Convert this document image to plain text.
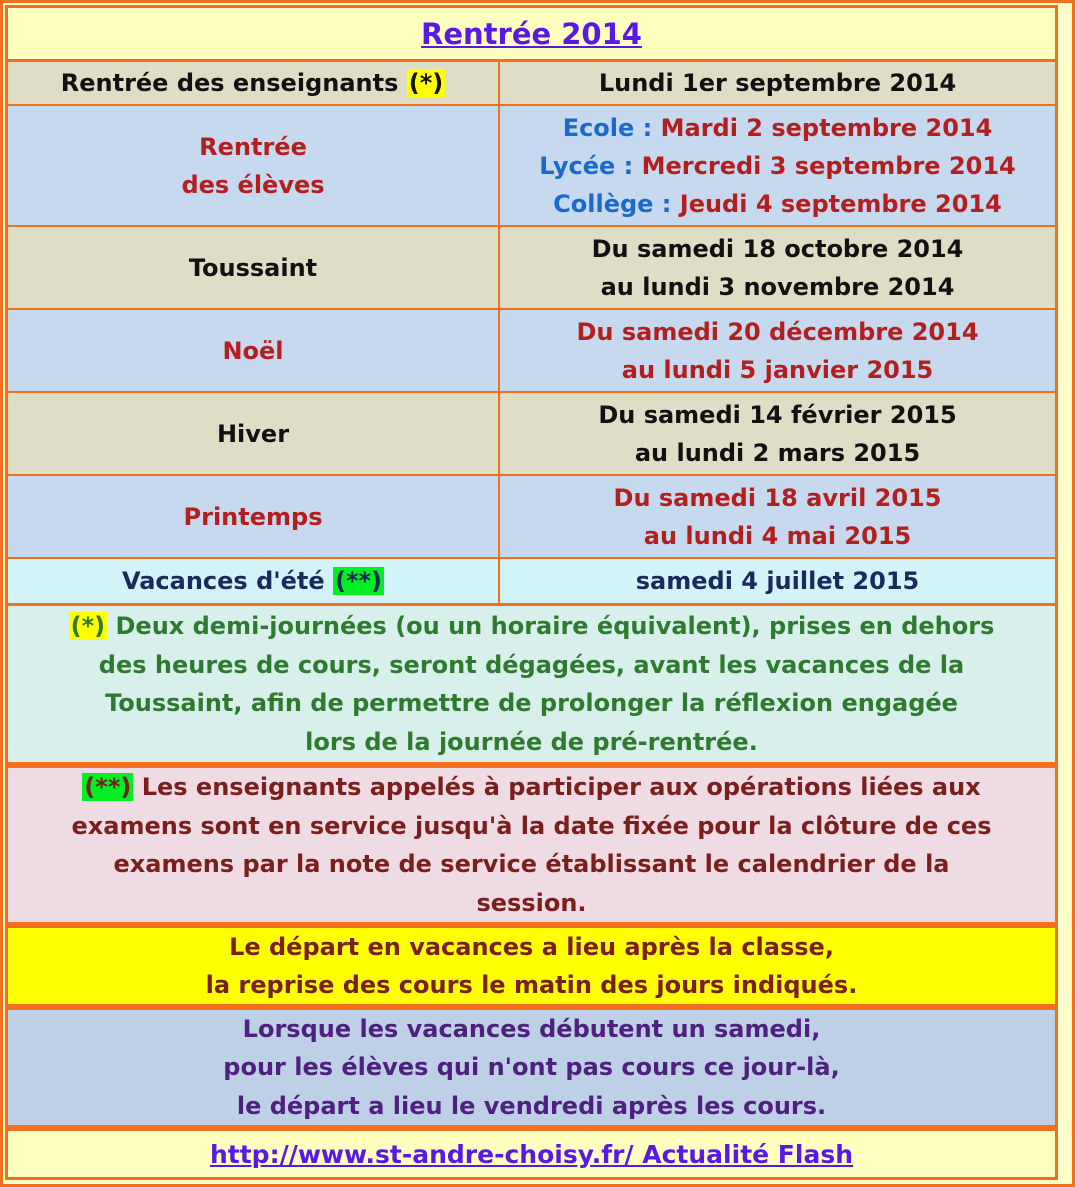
Rentrée 2014
Rentrée des enseignants (*)	Lundi 1er septembre 2014
Rentrée
des élèves
Ecole : Mardi 2 septembre 2014
Lycée : Mercredi 3 septembre 2014
Collège : Jeudi 4 septembre 2014
Toussaint
Du samedi 18 octobre 2014
au lundi 3 novembre 2014
Noël
Du samedi 20 décembre 2014
au lundi 5 janvier 2015
Hiver
Du samedi 14 février 2015
au lundi 2 mars 2015
Printemps
Du samedi 18 avril 2015
au lundi 4 mai 2015
Vacances d'été (**)	samedi 4 juillet 2015
(*) Deux demi-journées (ou un horaire équivalent), prises en dehors
des heures de cours, seront dégagées, avant les vacances de la
Toussaint, afin de permettre de prolonger la réflexion engagée
lors de la journée de pré-rentrée.
(**) Les enseignants appelés à participer aux opérations liées aux
examens sont en service jusqu'à la date fixée pour la clôture de ces
examens par la note de service établissant le calendrier de la
session.
Le départ en vacances a lieu après la classe,
la reprise des cours le matin des jours indiqués.
Lorsque les vacances débutent un samedi,
pour les élèves qui n'ont pas cours ce jour-là,
le départ a lieu le vendredi après les cours.
http://www.st-andre-choisy.fr/ Actualité Flash
